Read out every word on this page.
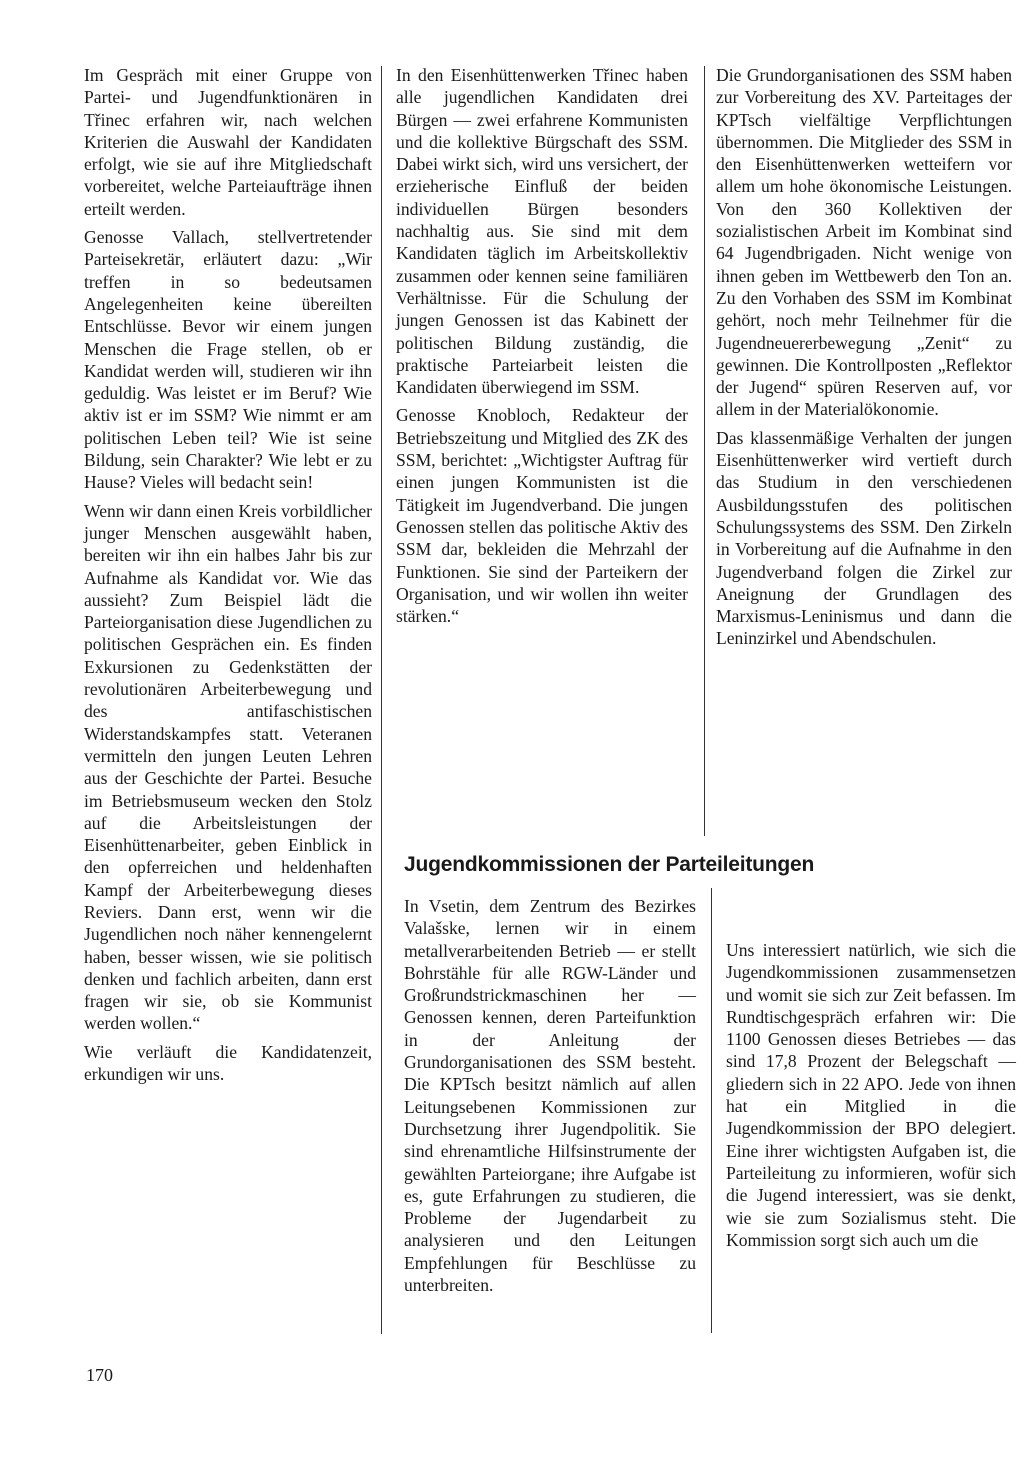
Im Gespräch mit einer Gruppe von Partei- und Jugendfunktionären in Třinec erfahren wir, nach welchen Kriterien die Auswahl der Kandidaten erfolgt, wie sie auf ihre Mitgliedschaft vorbereitet, welche Parteiaufträge ihnen erteilt werden.

Genosse Vallach, stellvertretender Parteisekretär, erläutert dazu: „Wir treffen in so bedeutsamen Angelegenheiten keine übereilten Entschlüsse. Bevor wir einem jungen Menschen die Frage stellen, ob er Kandidat werden will, studieren wir ihn geduldig. Was leistet er im Beruf? Wie aktiv ist er im SSM? Wie nimmt er am politischen Leben teil? Wie ist seine Bildung, sein Charakter? Wie lebt er zu Hause? Vieles will bedacht sein!

Wenn wir dann einen Kreis vorbildlicher junger Menschen ausgewählt haben, bereiten wir ihn ein halbes Jahr bis zur Aufnahme als Kandidat vor. Wie das aussieht? Zum Beispiel lädt die Parteiorganisation diese Jugendlichen zu politischen Gesprächen ein. Es finden Exkursionen zu Gedenkstätten der revolutionären Arbeiterbewegung und des antifaschistischen Widerstandskampfes statt. Veteranen vermitteln den jungen Leuten Lehren aus der Geschichte der Partei. Besuche im Betriebsmuseum wecken den Stolz auf die Arbeitsleistungen der Eisenhüttenarbeiter, geben Einblick in den opferreichen und heldenhaften Kampf der Arbeiterbewegung dieses Reviers. Dann erst, wenn wir die Jugendlichen noch näher kennengelernt haben, besser wissen, wie sie politisch denken und fachlich arbeiten, dann erst fragen wir sie, ob sie Kommunist werden wollen.“

Wie verläuft die Kandidatenzeit, erkundigen wir uns.

In den Eisenhüttenwerken Třinec haben alle jugendlichen Kandidaten drei Bürgen — zwei erfahrene Kommunisten und die kollektive Bürgschaft des SSM. Dabei wirkt sich, wird uns versichert, der erzieherische Einfluß der beiden individuellen Bürgen besonders nachhaltig aus. Sie sind mit dem Kandidaten täglich im Arbeitskollektiv zusammen oder kennen seine familiären Verhältnisse. Für die Schulung der jungen Genossen ist das Kabinett der politischen Bildung zuständig, die praktische Parteiarbeit leisten die Kandidaten überwiegend im SSM.

Genosse Knobloch, Redakteur der Betriebszeitung und Mitglied des ZK des SSM, berichtet: „Wichtigster Auftrag für einen jungen Kommunisten ist die Tätigkeit im Jugendverband. Die jungen Genossen stellen das politische Aktiv des SSM dar, bekleiden die Mehrzahl der Funktionen. Sie sind der Parteikern der Organisation, und wir wollen ihn weiter stärken.“

Die Grundorganisationen des SSM haben zur Vorbereitung des XV. Parteitages der KPTsch vielfältige Verpflichtungen übernommen. Die Mitglieder des SSM in den Eisenhüttenwerken wetteifern vor allem um hohe ökonomische Leistungen. Von den 360 Kollektiven der sozialistischen Arbeit im Kombinat sind 64 Jugendbrigaden. Nicht wenige von ihnen geben im Wettbewerb den Ton an. Zu den Vorhaben des SSM im Kombinat gehört, noch mehr Teilnehmer für die Jugendneuererbewegung „Zenit“ zu gewinnen. Die Kontrollposten „Reflektor der Jugend“ spüren Reserven auf, vor allem in der Materialökonomie.

Das klassenmäßige Verhalten der jungen Eisenhüttenwerker wird vertieft durch das Studium in den verschiedenen Ausbildungsstufen des politischen Schulungssystems des SSM. Den Zirkeln in Vorbereitung auf die Aufnahme in den Jugendverband folgen die Zirkel zur Aneignung der Grundlagen des Marxismus-Leninismus und dann die Leninzirkel und Abendschulen.

Jugendkommissionen der Parteileitungen

In Vsetin, dem Zentrum des Bezirkes Valašske, lernen wir in einem metallverarbeitenden Betrieb — er stellt Bohrstähle für alle RGW-Länder und Großrundstrickmaschinen her — Genossen kennen, deren Parteifunktion in der Anleitung der Grundorganisationen des SSM besteht. Die KPTsch besitzt nämlich auf allen Leitungsebenen Kommissionen zur Durchsetzung ihrer Jugendpolitik. Sie sind ehrenamtliche Hilfsinstrumente der gewählten Parteiorgane; ihre Aufgabe ist es, gute Erfahrungen zu studieren, die Probleme der Jugendarbeit zu analysieren und den Leitungen Empfehlungen für Beschlüsse zu unterbreiten.

Uns interessiert natürlich, wie sich die Jugendkommissionen zusammensetzen und womit sie sich zur Zeit befassen. Im Rundtischgespräch erfahren wir: Die 1100 Genossen dieses Betriebes — das sind 17,8 Prozent der Belegschaft — gliedern sich in 22 APO. Jede von ihnen hat ein Mitglied in die Jugendkommission der BPO delegiert. Eine ihrer wichtigsten Aufgaben ist, die Parteileitung zu informieren, wofür sich die Jugend interessiert, was sie denkt, wie sie zum Sozialismus steht. Die Kommission sorgt sich auch um die

170
